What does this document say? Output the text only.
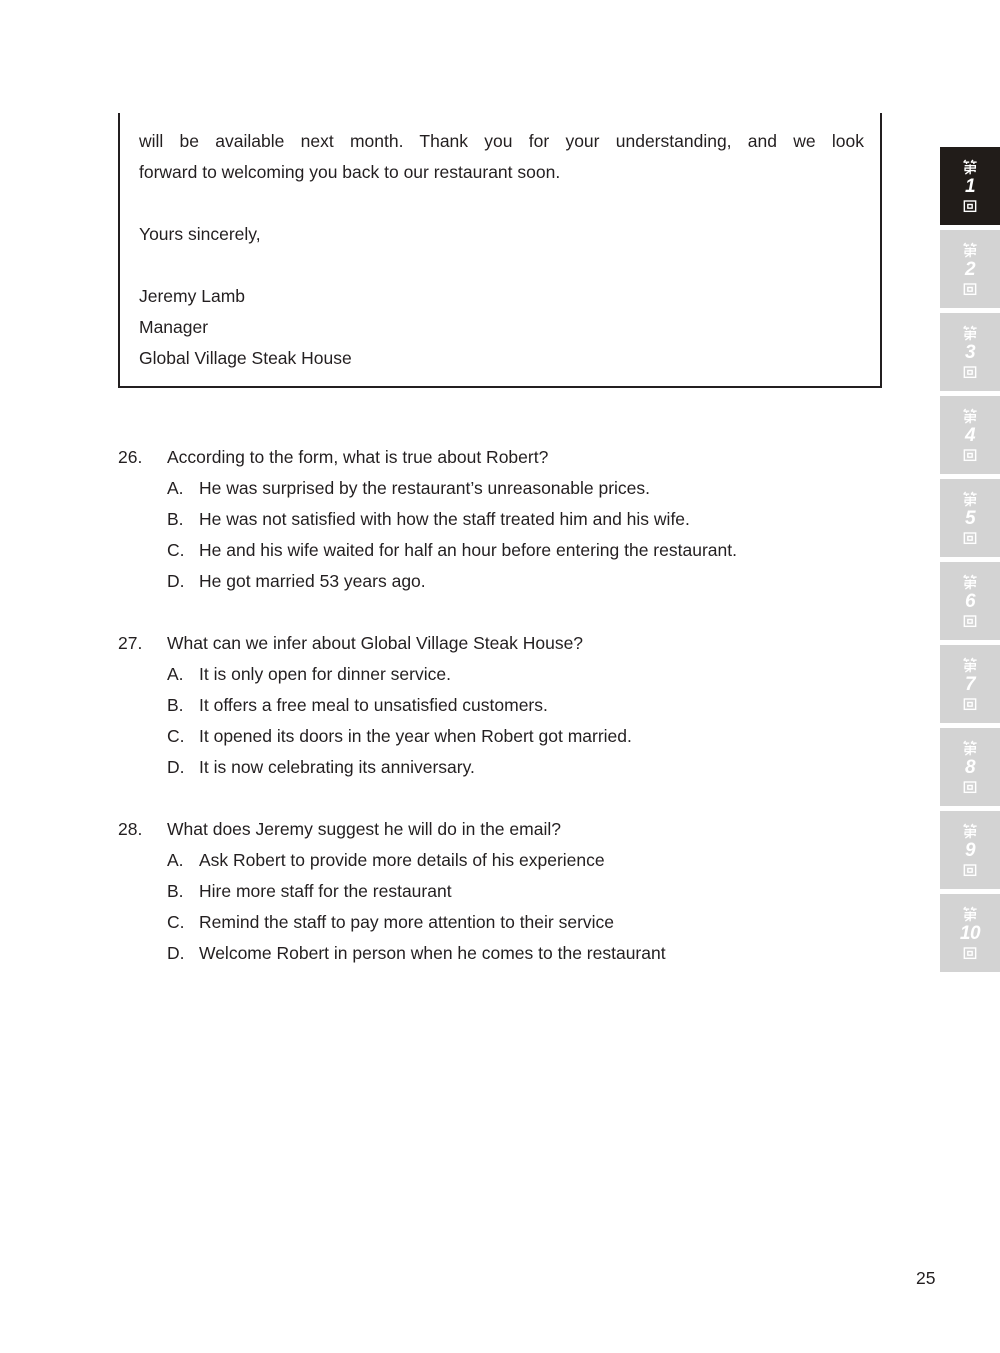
will be available next month. Thank you for your understanding, and we look

forward to welcoming you back to our restaurant soon.

Yours sincerely,

Jeremy Lamb

Manager

Global Village Steak House

26.	According to the form, what is true about Robert?
A. He was surprised by the restaurant’s unreasonable prices.
B. He was not satisfied with how the staff treated him and his wife.
C. He and his wife waited for half an hour before entering the restaurant.
D. He got married 53 years ago.
27.	What can we infer about Global Village Steak House?
A. It is only open for dinner service.
B. It offers a free meal to unsatisfied customers.
C. It opened its doors in the year when Robert got married.
D. It is now celebrating its anniversary.
28.	What does Jeremy suggest he will do in the email?
A. Ask Robert to provide more details of his experience
B. Hire more staff for the restaurant
C. Remind the staff to pay more attention to their service
D. Welcome Robert in person when he comes to the restaurant
1
2
3
4
5
6
7
8
9
10
25
